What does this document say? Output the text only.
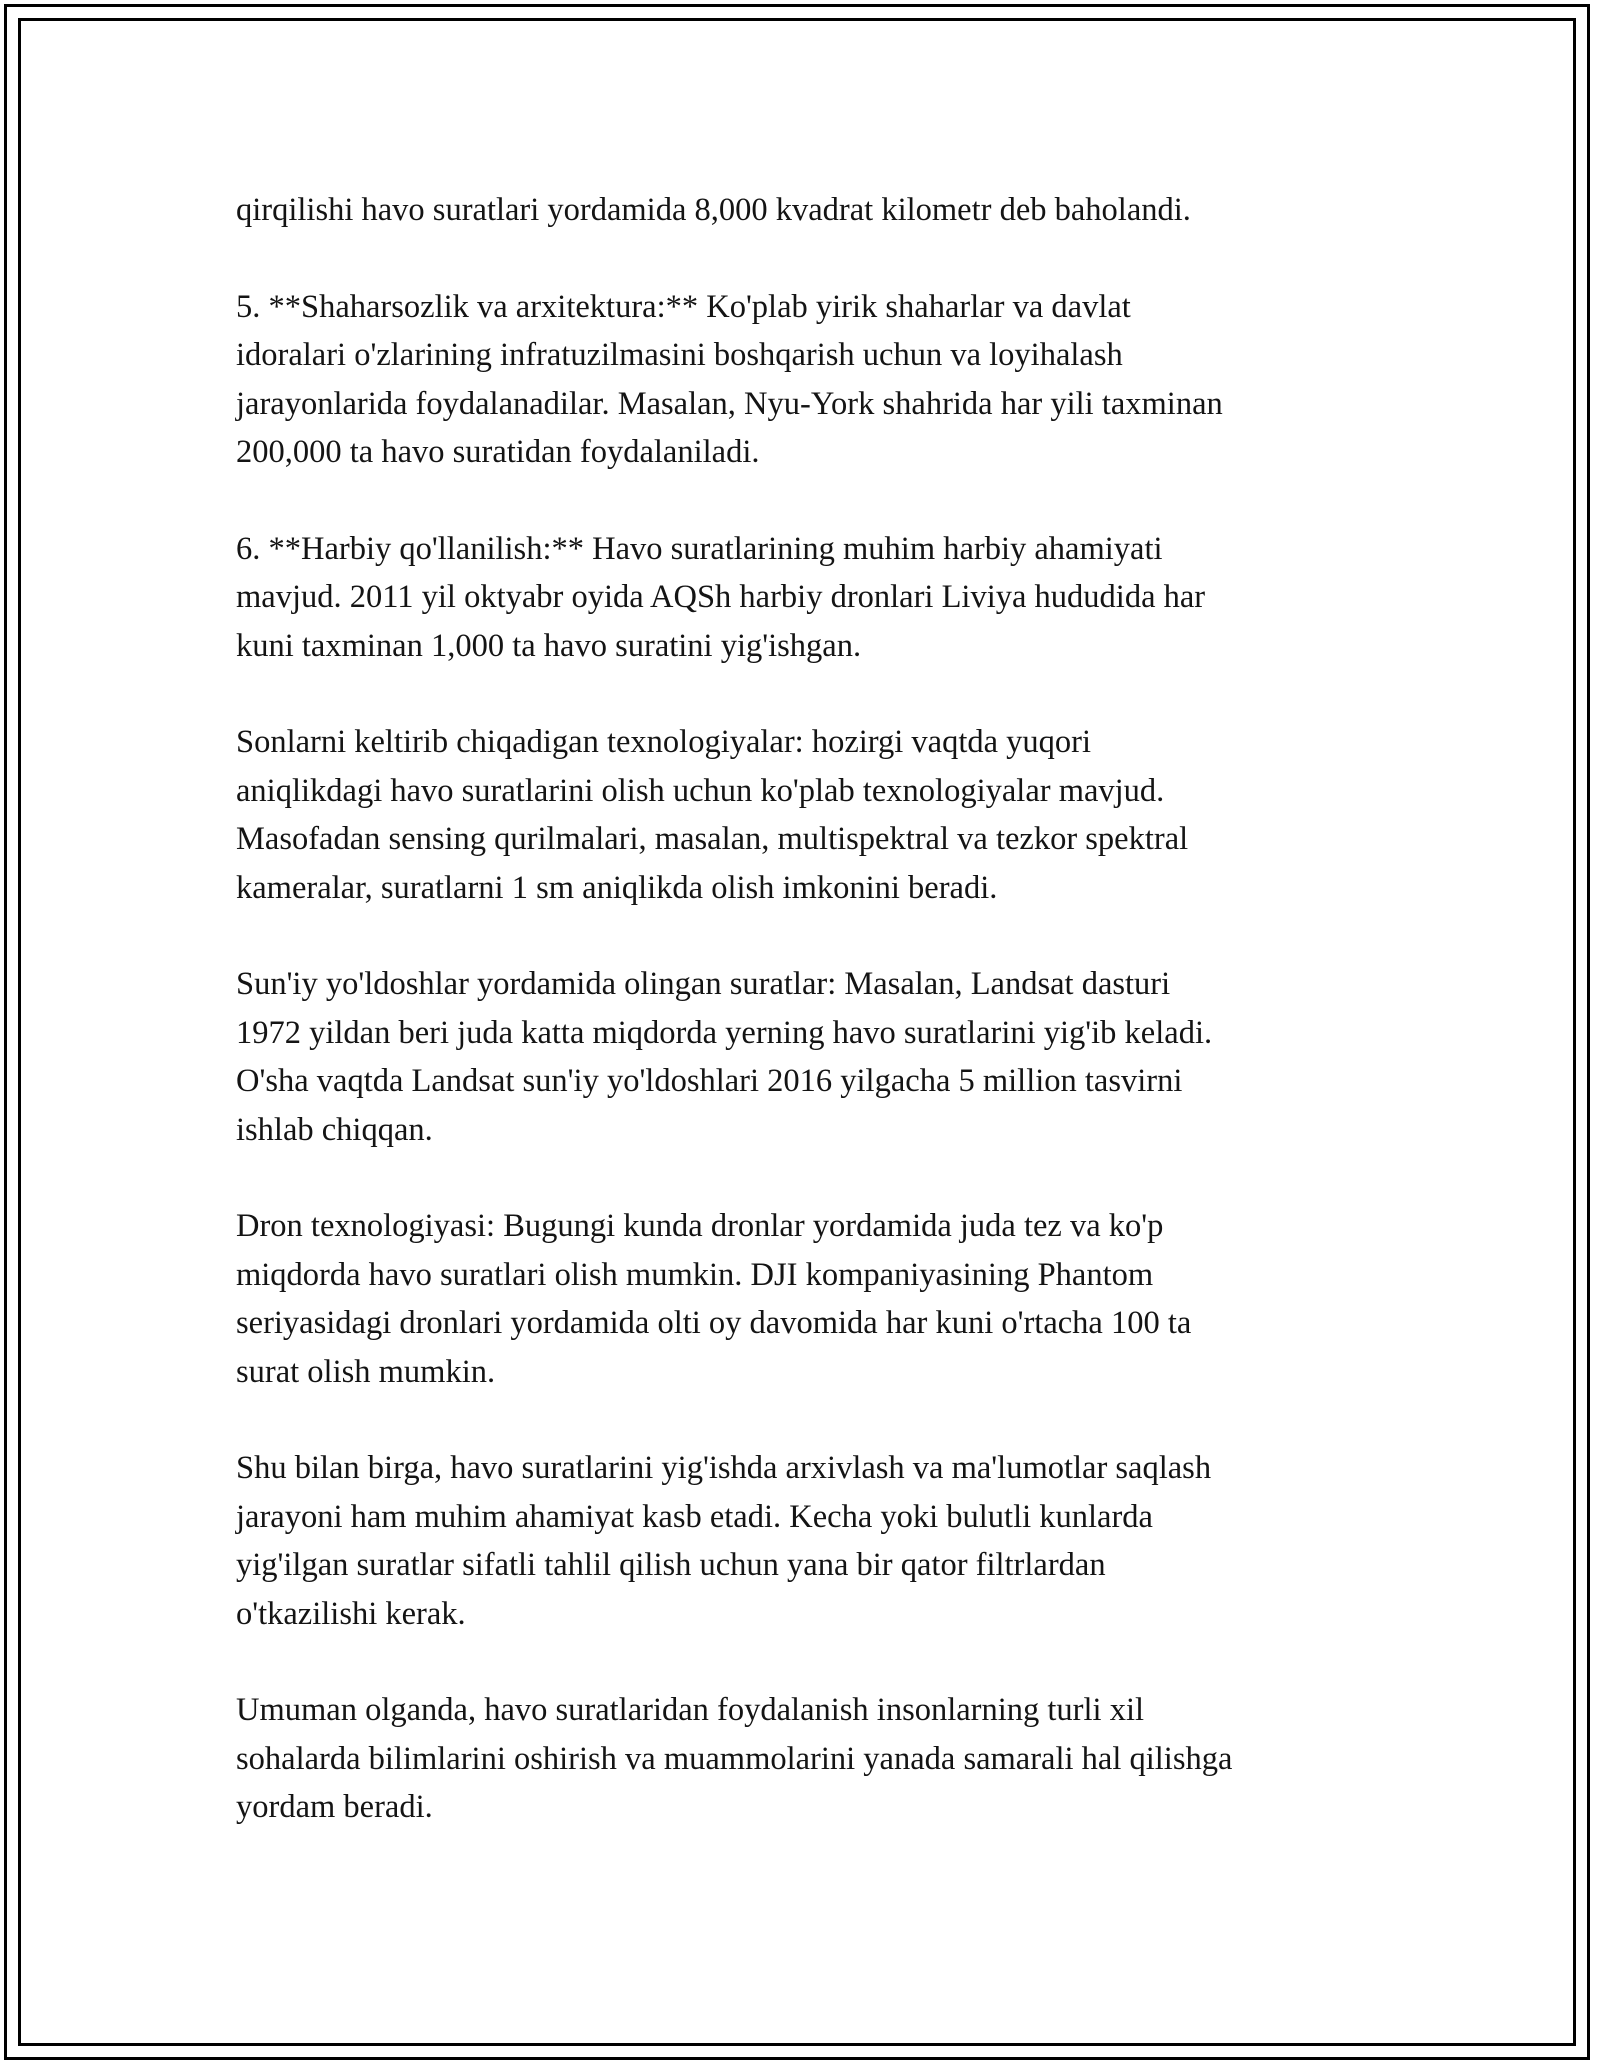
qirqilishi havo suratlari yordamida 8,000 kvadrat kilometr deb baholandi.

5. **Shaharsozlik va arxitektura:** Ko'plab yirik shaharlar va davlat
idoralari o'zlarining infratuzilmasini boshqarish uchun va loyihalash
jarayonlarida foydalanadilar. Masalan, Nyu-York shahrida har yili taxminan
200,000 ta havo suratidan foydalaniladi.

6. **Harbiy qo'llanilish:** Havo suratlarining muhim harbiy ahamiyati
mavjud. 2011 yil oktyabr oyida AQSh harbiy dronlari Liviya hududida har
kuni taxminan 1,000 ta havo suratini yig'ishgan.

Sonlarni keltirib chiqadigan texnologiyalar: hozirgi vaqtda yuqori
aniqlikdagi havo suratlarini olish uchun ko'plab texnologiyalar mavjud.
Masofadan sensing qurilmalari, masalan, multispektral va tezkor spektral
kameralar, suratlarni 1 sm aniqlikda olish imkonini beradi.

Sun'iy yo'ldoshlar yordamida olingan suratlar: Masalan, Landsat dasturi
1972 yildan beri juda katta miqdorda yerning havo suratlarini yig'ib keladi.
O'sha vaqtda Landsat sun'iy yo'ldoshlari 2016 yilgacha 5 million tasvirni
ishlab chiqqan.

Dron texnologiyasi: Bugungi kunda dronlar yordamida juda tez va ko'p
miqdorda havo suratlari olish mumkin. DJI kompaniyasining Phantom
seriyasidagi dronlari yordamida olti oy davomida har kuni o'rtacha 100 ta
surat olish mumkin.

Shu bilan birga, havo suratlarini yig'ishda arxivlash va ma'lumotlar saqlash
jarayoni ham muhim ahamiyat kasb etadi. Kecha yoki bulutli kunlarda
yig'ilgan suratlar sifatli tahlil qilish uchun yana bir qator filtrlardan
o'tkazilishi kerak.

Umuman olganda, havo suratlaridan foydalanish insonlarning turli xil
sohalarda bilimlarini oshirish va muammolarini yanada samarali hal qilishga
yordam beradi.
